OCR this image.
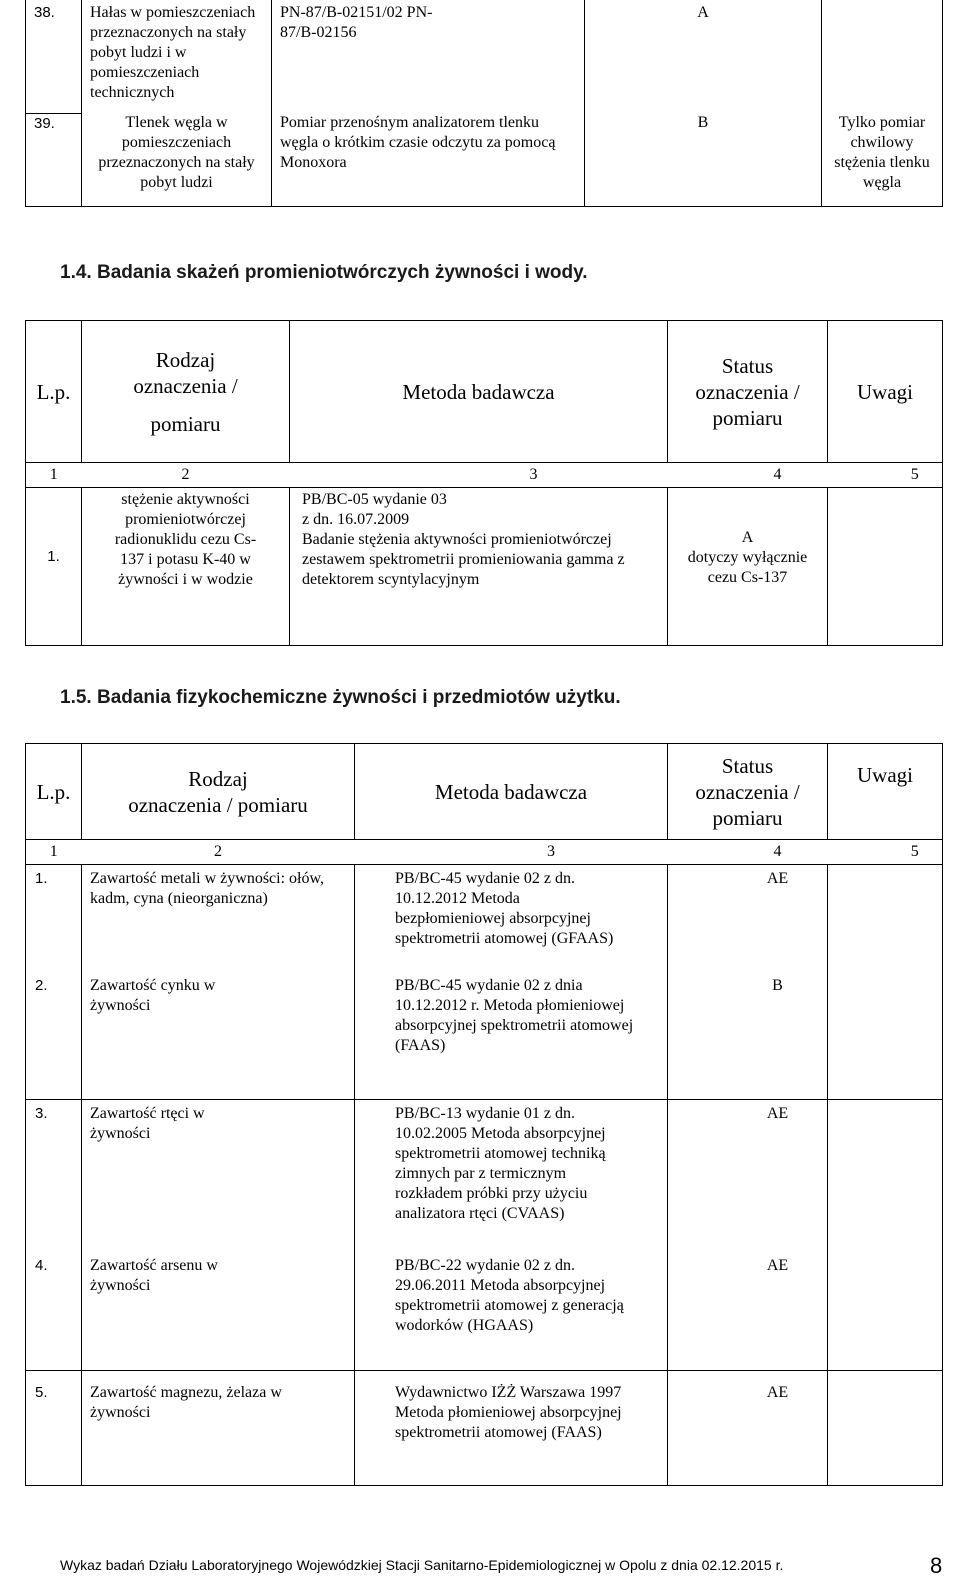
38.	Hałas w pomieszczeniach przeznaczonych na stały pobyt ludzi i w pomieszczeniach technicznych	PN-87/B-02151/02 PN-87/B-02156	A	
39.	Tlenek węgla w pomieszczeniach przeznaczonych na stały pobyt ludzi	Pomiar przenośnym analizatorem tlenku węgla o krótkim czasie odczytu za pomocą Monoxora	B	Tylko pomiar chwilowy stężenia tlenku węgla
1.4. Badania skażeń promieniotwórczych żywności i wody.
L.p.	Rodzaj
oznaczenia /
pomiaru	Metoda badawcza	Status
oznaczenia /
pomiaru	Uwagi
1	2	3	4	5
1.	stężenie aktywności promieniotwórczej radionuklidu cezu Cs-137 i potasu K-40 w żywności i w wodzie	PB/BC-05 wydanie 03
z dn. 16.07.2009
Badanie stężenia aktywności promieniotwórczej zestawem spektrometrii promieniowania gamma z detektorem scyntylacyjnym	A
dotyczy wyłącznie cezu Cs-137	

1.5. Badania fizykochemiczne żywności i przedmiotów użytku.
L.p.	Rodzaj
oznaczenia / pomiaru	Metoda badawcza	Status
oznaczenia /
pomiaru	Uwagi
1	2	3	4	5
1.	Zawartość metali w żywności: ołów, kadm, cyna (nieorganiczna)	PB/BC-45 wydanie 02 z dn. 10.12.2012 Metoda bezpłomieniowej absorpcyjnej spektrometrii atomowej (GFAAS)	AE	
2.	Zawartość cynku w żywności	PB/BC-45 wydanie 02 z dnia 10.12.2012 r. Metoda płomieniowej absorpcyjnej spektrometrii atomowej (FAAS)	B	
3.	Zawartość rtęci w żywności	PB/BC-13 wydanie 01 z dn. 10.02.2005 Metoda absorpcyjnej spektrometrii atomowej techniką zimnych par z termicznym rozkładem próbki przy użyciu analizatora rtęci (CVAAS)	AE	
4.	Zawartość arsenu w żywności	PB/BC-22 wydanie 02 z dn. 29.06.2011 Metoda absorpcyjnej spektrometrii atomowej z generacją wodorków (HGAAS)	AE	
5.	Zawartość magnezu, żelaza w żywności	Wydawnictwo IŻŻ Warszawa 1997 Metoda płomieniowej absorpcyjnej spektrometrii atomowej (FAAS)	AE	
Wykaz badań Działu Laboratoryjnego Wojewódzkiej Stacji Sanitarno-Epidemiologicznej w Opolu z dnia 02.12.2015 r.	8
